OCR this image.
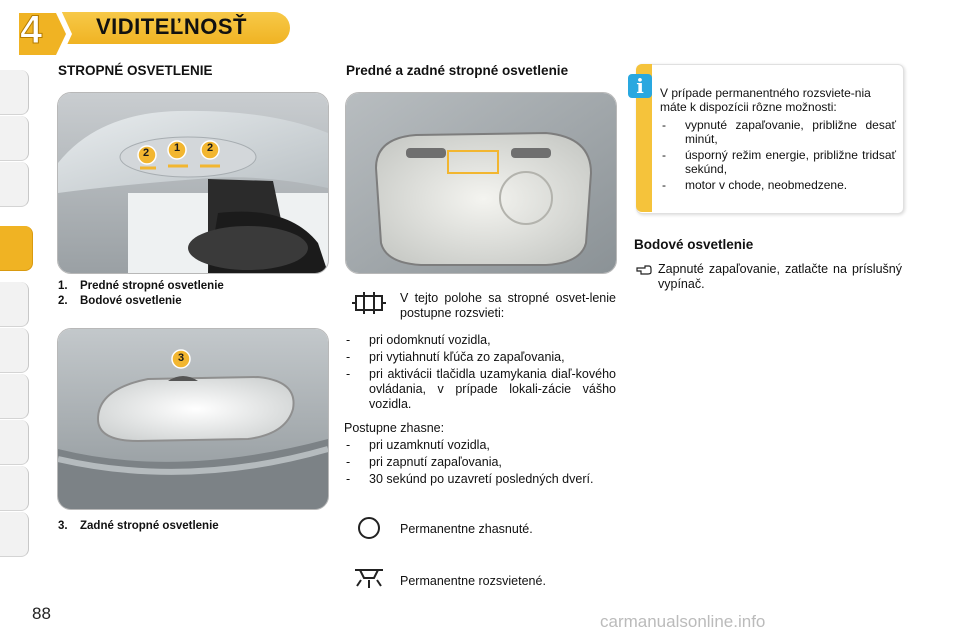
4 VIDITEĽNOSŤ
STROPNÉ OSVETLENIE
2 1 2
1. Predné stropné osvetlenie
2. Bodové osvetlenie
3
3. Zadné stropné osvetlenie
Predné a zadné stropné osvetlenie
V tejto polohe sa stropné osvet-lenie postupne rozsvieti:
- pri odomknutí vozidla,
- pri vytiahnutí kľúča zo zapaľovania,
- pri aktivácii tlačidla uzamykania diaľ-kového ovládania, v prípade lokali-zácie vášho vozidla.
Postupne zhasne:
- pri uzamknutí vozidla,
- pri zapnutí zapaľovania,
- 30 sekúnd po uzavretí posledných dverí.
Permanentne zhasnuté.
Permanentne rozsvietené.
i	V prípade permanentného rozsviete-nia máte k dispozícii rôzne možnosti:
- vypnuté zapaľovanie, približne desať minút,
- úsporný režim energie, približne tridsať sekúnd,
- motor v chode, neobmedzene.
Bodové osvetlenie
Zapnuté zapaľovanie, zatlačte na príslušný vypínač.
88	carmanualsonline.info
